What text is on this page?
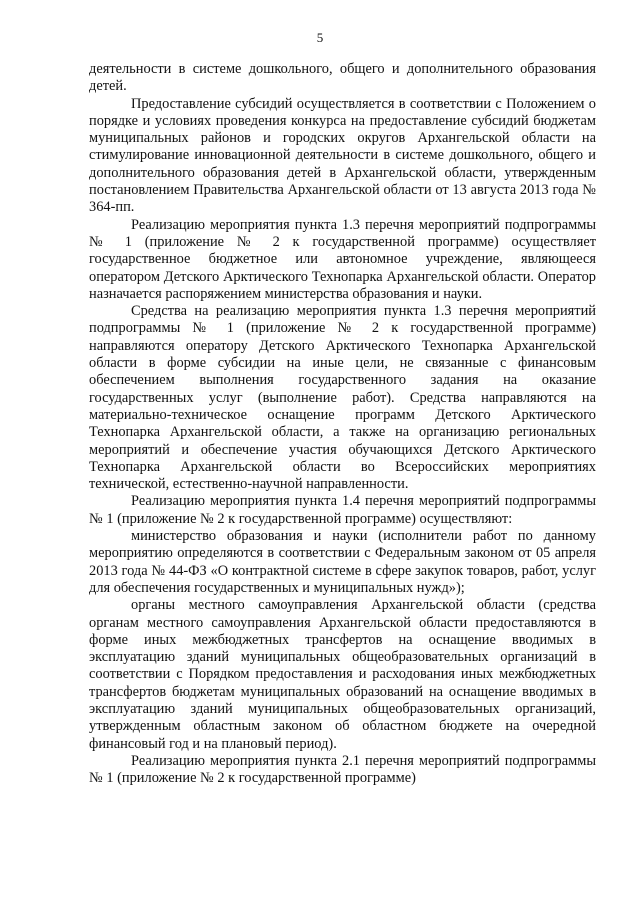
5

деятельности в системе дошкольного, общего и дополнительного образования детей.

Предоставление субсидий осуществляется в соответствии с Положением о порядке и условиях проведения конкурса на предоставление субсидий бюджетам муниципальных районов и городских округов Архангельской области на стимулирование инновационной деятельности в системе дошкольного, общего и дополнительного образования детей в Архангельской области, утвержденным постановлением Правительства Архангельской области от 13 августа 2013 года № 364-пп.

Реализацию мероприятия пункта 1.3 перечня мероприятий подпрограммы № 1 (приложение № 2 к государственной программе) осуществляет государственное бюджетное или автономное учреждение, являющееся оператором Детского Арктического Технопарка Архангельской области. Оператор назначается распоряжением министерства образования и науки.

Средства на реализацию мероприятия пункта 1.3 перечня мероприятий подпрограммы № 1 (приложение № 2 к государственной программе) направляются оператору Детского Арктического Технопарка Архангельской области в форме субсидии на иные цели, не связанные с финансовым обеспечением выполнения государственного задания на оказание государственных услуг (выполнение работ). Средства направляются на материально-техническое оснащение программ Детского Арктического Технопарка Архангельской области, а также на организацию региональных мероприятий и обеспечение участия обучающихся Детского Арктического Технопарка Архангельской области во Всероссийских мероприятиях технической, естественно-научной направленности.

Реализацию мероприятия пункта 1.4 перечня мероприятий подпрограммы № 1 (приложение № 2 к государственной программе) осуществляют:

министерство образования и науки (исполнители работ по данному мероприятию определяются в соответствии с Федеральным законом от 05 апреля 2013 года № 44-ФЗ «О контрактной системе в сфере закупок товаров, работ, услуг для обеспечения государственных и муниципальных нужд»);

органы местного самоуправления Архангельской области (средства органам местного самоуправления Архангельской области предоставляются в форме иных межбюджетных трансфертов на оснащение вводимых в эксплуатацию зданий муниципальных общеобразовательных организаций в соответствии с Порядком предоставления и расходования иных межбюджетных трансфертов бюджетам муниципальных образований на оснащение вводимых в эксплуатацию зданий муниципальных общеобразовательных организаций, утвержденным областным законом об областном бюджете на очередной финансовый год и на плановый период).

Реализацию мероприятия пункта 2.1 перечня мероприятий подпрограммы № 1 (приложение № 2 к государственной программе)
